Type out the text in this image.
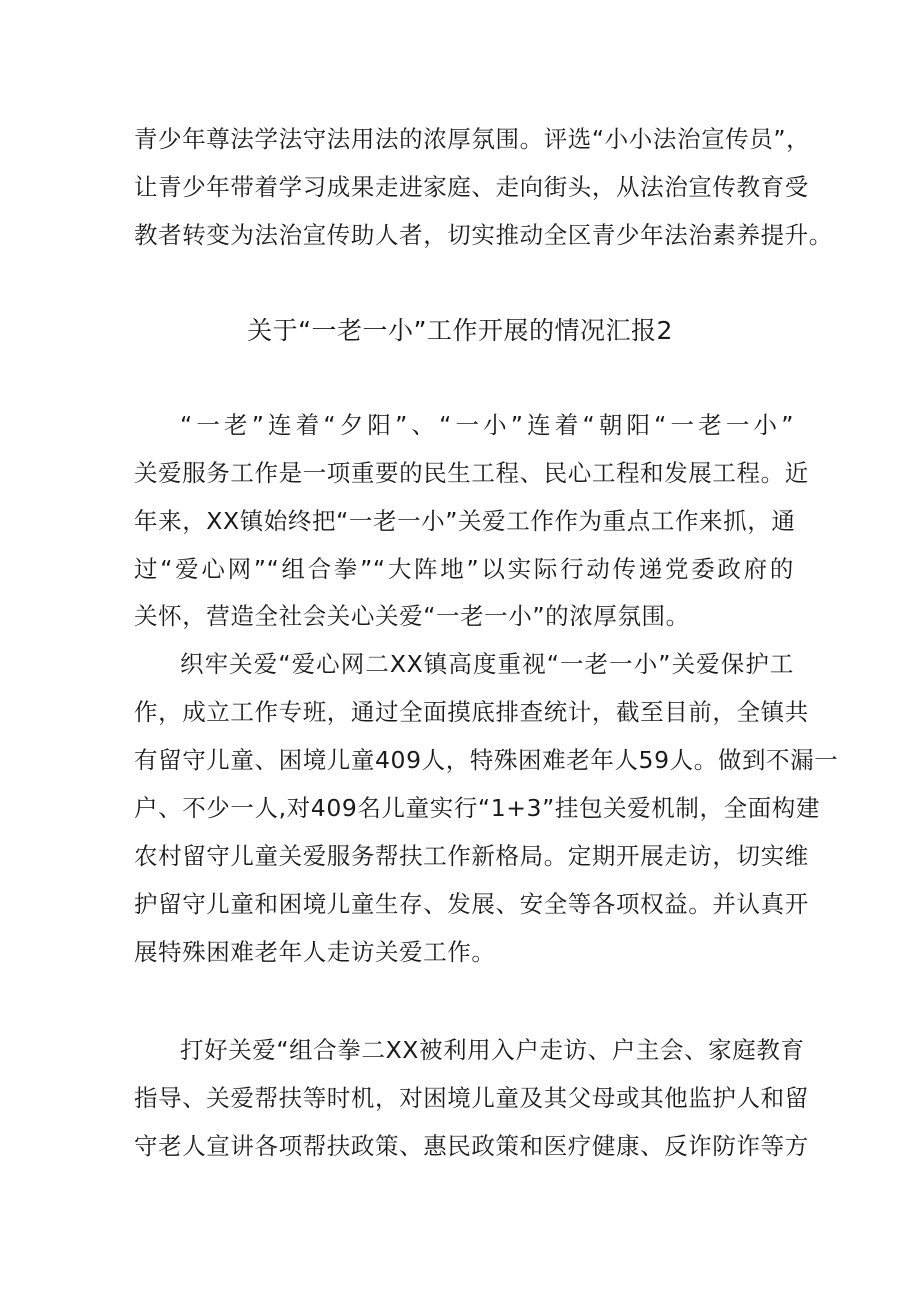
青少年尊法学法守法用法的浓厚氛围。评选“小小法治宣传员”，
让青少年带着学习成果走进家庭、走向街头，从法治宣传教育受
教者转变为法治宣传助人者，切实推动全区青少年法治素养提升。
关于“一老一小”工作开展的情况汇报2
“一老”连着“夕阳”、“一小”连着“朝阳“一老一小”
关爱服务工作是一项重要的民生工程、民心工程和发展工程。近
年来，XX镇始终把“一老一小”关爱工作作为重点工作来抓，通
过“爱心网”“组合拳”“大阵地”以实际行动传递党委政府的
关怀，营造全社会关心关爱“一老一小”的浓厚氛围。
织牢关爱“爱心网二XX镇高度重视“一老一小”关爱保护工
作，成立工作专班，通过全面摸底排查统计，截至目前，全镇共
有留守儿童、困境儿童409人，特殊困难老年人59人。做到不漏一
户、不少一人,对409名儿童实行“1+3”挂包关爱机制，全面构建
农村留守儿童关爱服务帮扶工作新格局。定期开展走访，切实维
护留守儿童和困境儿童生存、发展、安全等各项权益。并认真开
展特殊困难老年人走访关爱工作。
打好关爱“组合拳二XX被利用入户走访、户主会、家庭教育
指导、关爱帮扶等时机，对困境儿童及其父母或其他监护人和留
守老人宣讲各项帮扶政策、惠民政策和医疗健康、反诈防诈等方
